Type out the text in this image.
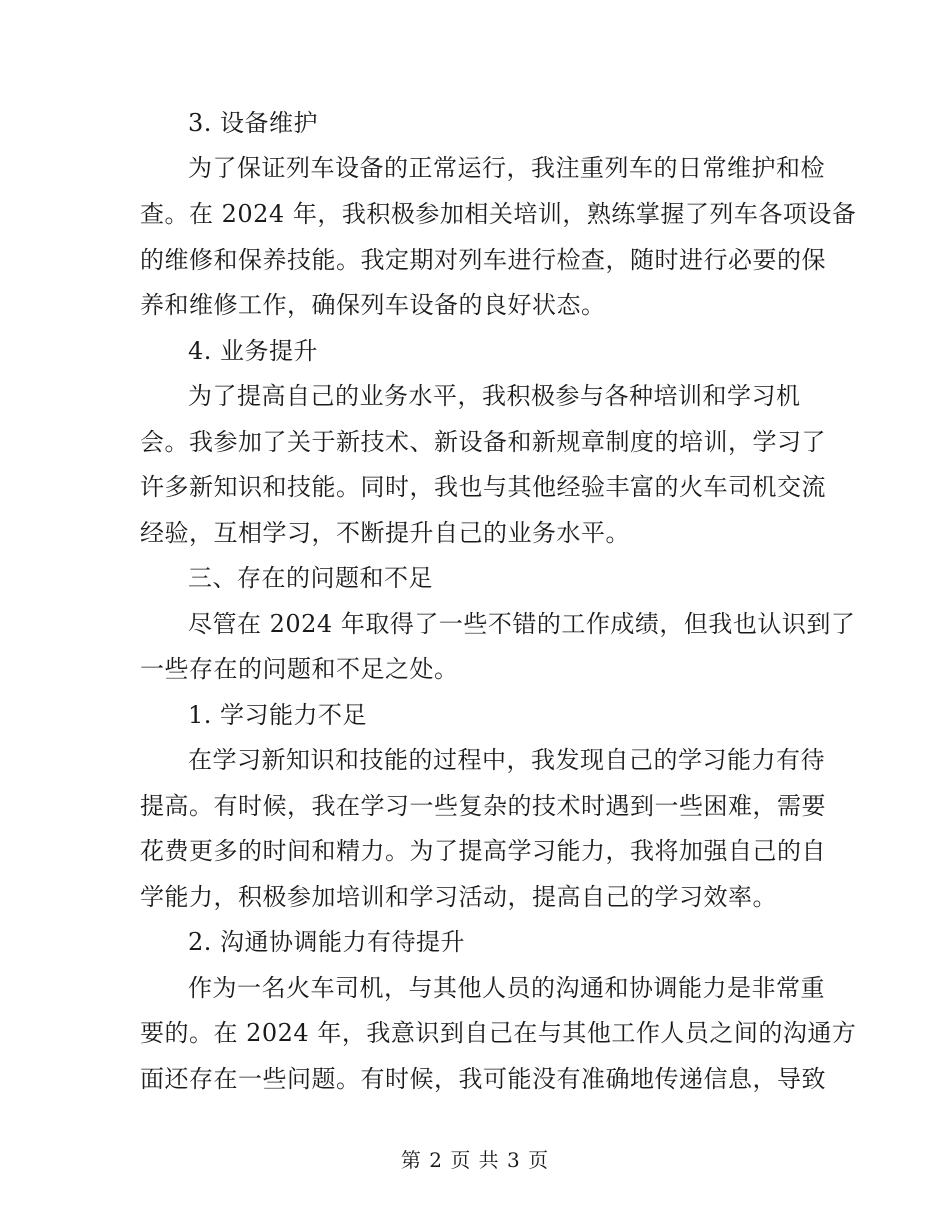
3. 设备维护
为了保证列车设备的正常运行，我注重列车的日常维护和检
查。在 2024 年，我积极参加相关培训，熟练掌握了列车各项设备
的维修和保养技能。我定期对列车进行检查，随时进行必要的保
养和维修工作，确保列车设备的良好状态。
4. 业务提升
为了提高自己的业务水平，我积极参与各种培训和学习机
会。我参加了关于新技术、新设备和新规章制度的培训，学习了
许多新知识和技能。同时，我也与其他经验丰富的火车司机交流
经验，互相学习，不断提升自己的业务水平。
三、存在的问题和不足
尽管在 2024 年取得了一些不错的工作成绩，但我也认识到了
一些存在的问题和不足之处。
1. 学习能力不足
在学习新知识和技能的过程中，我发现自己的学习能力有待
提高。有时候，我在学习一些复杂的技术时遇到一些困难，需要
花费更多的时间和精力。为了提高学习能力，我将加强自己的自
学能力，积极参加培训和学习活动，提高自己的学习效率。
2. 沟通协调能力有待提升
作为一名火车司机，与其他人员的沟通和协调能力是非常重
要的。在 2024 年，我意识到自己在与其他工作人员之间的沟通方
面还存在一些问题。有时候，我可能没有准确地传递信息，导致
第 2 页 共 3 页
